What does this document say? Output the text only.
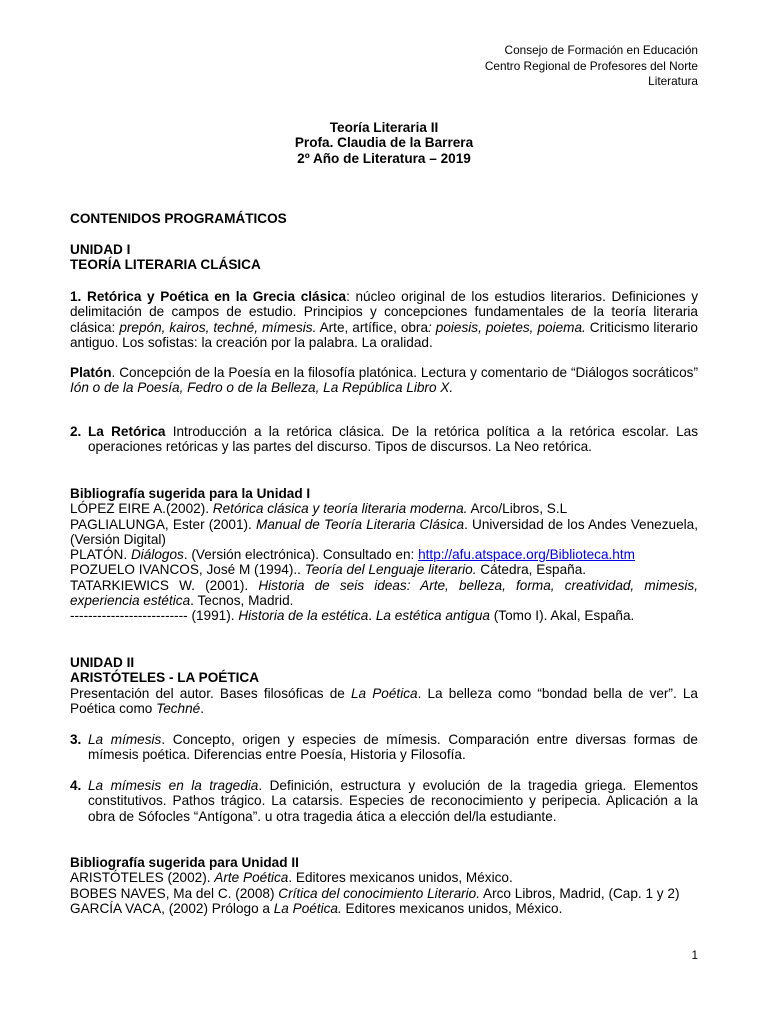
Consejo de Formación en Educación
Centro Regional de Profesores del Norte
Literatura
Teoría Literaria II
Profa. Claudia de la Barrera
2º Año de Literatura – 2019
CONTENIDOS PROGRAMÁTICOS
UNIDAD I
TEORÍA LITERARIA CLÁSICA
1. Retórica y Poética en la Grecia clásica: núcleo original de los estudios literarios. Definiciones y delimitación de campos de estudio. Principios y concepciones fundamentales de la teoría literaria clásica: prepón, kairos, techné, mímesis. Arte, artífice, obra: poiesis, poietes, poiema. Criticismo literario antiguo. Los sofistas: la creación por la palabra. La oralidad.
Platón. Concepción de la Poesía en la filosofía platónica. Lectura y comentario de “Diálogos socráticos” Ión o de la Poesía, Fedro o de la Belleza, La República Libro X.
2. La Retórica Introducción a la retórica clásica. De la retórica política a la retórica escolar. Las operaciones retóricas y las partes del discurso. Tipos de discursos. La Neo retórica.
Bibliografía sugerida para la Unidad I
LÓPEZ EIRE A.(2002). Retórica clásica y teoría literaria moderna. Arco/Libros, S.L
PAGLIALUNGA, Ester (2001). Manual de Teoría Literaria Clásica. Universidad de los Andes Venezuela, (Versión Digital)
PLATÓN. Diálogos. (Versión electrónica). Consultado en: http://afu.atspace.org/Biblioteca.htm
POZUELO IVANCOS, José M (1994).. Teoría del Lenguaje literario. Cátedra, España.
TATARKIEWICS W. (2001). Historia de seis ideas: Arte, belleza, forma, creatividad, mimesis, experiencia estética. Tecnos, Madrid.
-------------------------- (1991). Historia de la estética. La estética antigua (Tomo I). Akal, España.
UNIDAD II
ARISTÓTELES - LA POÉTICA
Presentación del autor. Bases filosóficas de La Poética. La belleza como “bondad bella de ver”. La Poética como Techné.
3. La mímesis. Concepto, origen y especies de mímesis. Comparación entre diversas formas de mímesis poética. Diferencias entre Poesía, Historia y Filosofía.
4. La mímesis en la tragedia. Definición, estructura y evolución de la tragedia griega. Elementos constitutivos. Pathos trágico. La catarsis. Especies de reconocimiento y peripecia. Aplicación a la obra de Sófocles “Antígona”. u otra tragedia ática a elección del/la estudiante.
Bibliografía sugerida para Unidad II
ARISTÓTELES (2002). Arte Poética. Editores mexicanos unidos, México.
BOBES NAVES, Ma del C. (2008) Crítica del conocimiento Literario. Arco Libros, Madrid, (Cap. 1 y 2)
GARCÍA VACA, (2002) Prólogo a La Poética. Editores mexicanos unidos, México.
1
